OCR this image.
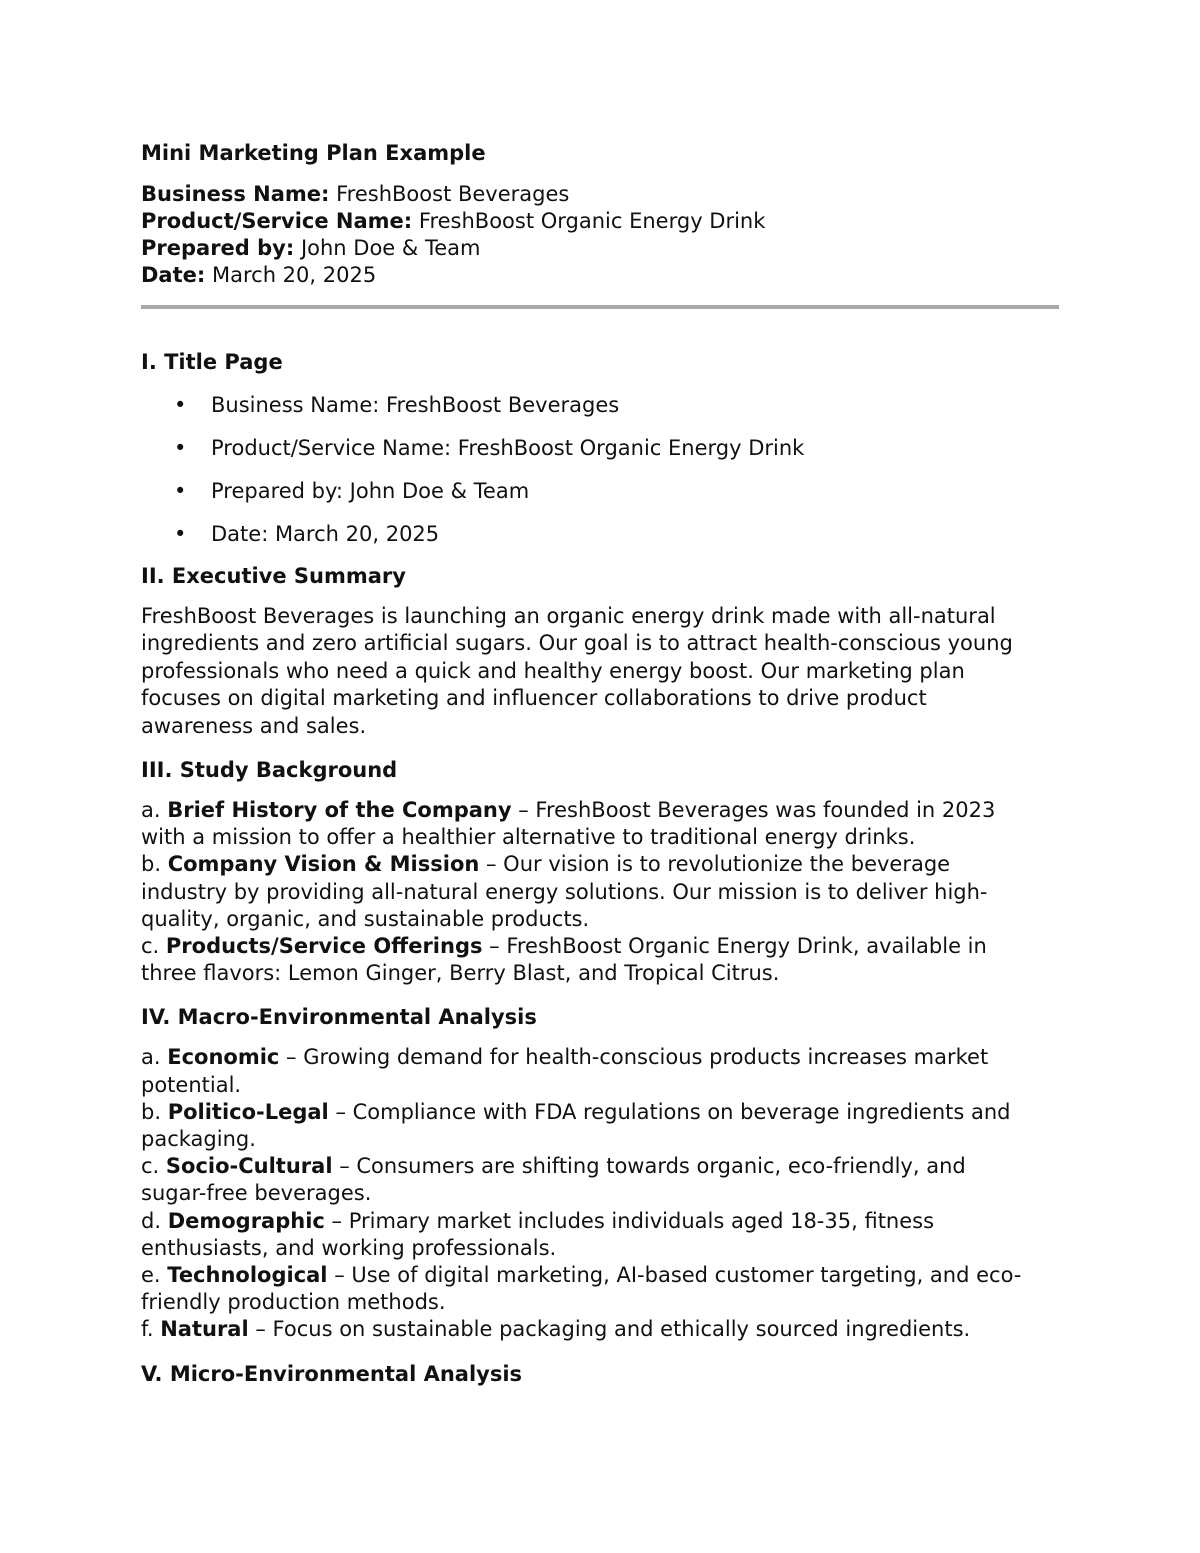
Mini Marketing Plan Example
Business Name: FreshBoost Beverages
Product/Service Name: FreshBoost Organic Energy Drink
Prepared by: John Doe & Team
Date: March 20, 2025
I. Title Page
• Business Name: FreshBoost Beverages
• Product/Service Name: FreshBoost Organic Energy Drink
• Prepared by: John Doe & Team
• Date: March 20, 2025
II. Executive Summary
FreshBoost Beverages is launching an organic energy drink made with all-natural
ingredients and zero artificial sugars. Our goal is to attract health-conscious young
professionals who need a quick and healthy energy boost. Our marketing plan
focuses on digital marketing and influencer collaborations to drive product
awareness and sales.
III. Study Background
a. Brief History of the Company – FreshBoost Beverages was founded in 2023
with a mission to offer a healthier alternative to traditional energy drinks.
b. Company Vision & Mission – Our vision is to revolutionize the beverage
industry by providing all-natural energy solutions. Our mission is to deliver high-
quality, organic, and sustainable products.
c. Products/Service Offerings – FreshBoost Organic Energy Drink, available in
three flavors: Lemon Ginger, Berry Blast, and Tropical Citrus.
IV. Macro-Environmental Analysis
a. Economic – Growing demand for health-conscious products increases market
potential.
b. Politico-Legal – Compliance with FDA regulations on beverage ingredients and
packaging.
c. Socio-Cultural – Consumers are shifting towards organic, eco-friendly, and
sugar-free beverages.
d. Demographic – Primary market includes individuals aged 18-35, fitness
enthusiasts, and working professionals.
e. Technological – Use of digital marketing, AI-based customer targeting, and eco-
friendly production methods.
f. Natural – Focus on sustainable packaging and ethically sourced ingredients.
V. Micro-Environmental Analysis
